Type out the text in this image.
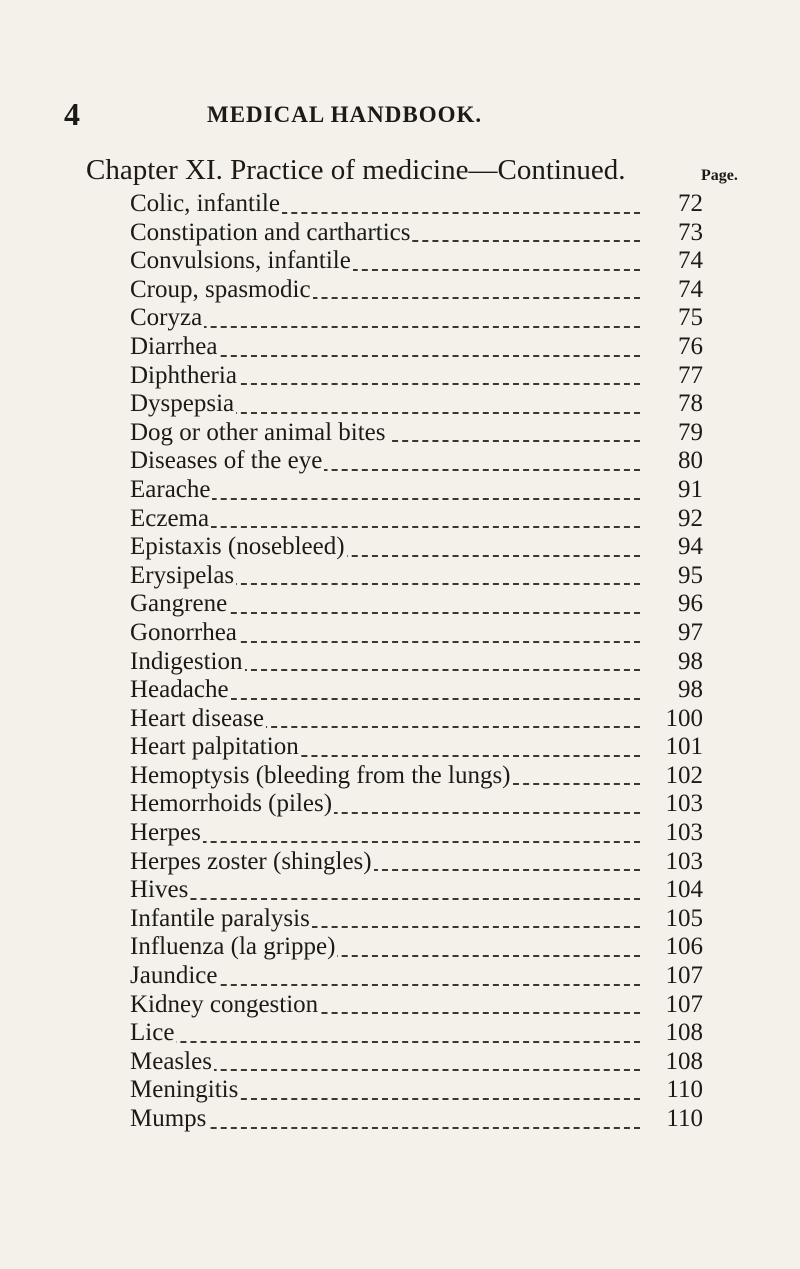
4	MEDICAL HANDBOOK.
Chapter XI. Practice of medicine—Continued.	Page.
Colic, infantile	72
Constipation and carthartics	73
Convulsions, infantile	74
Croup, spasmodic	74
Coryza	75
Diarrhea	76
Diphtheria	77
Dyspepsia	78
Dog or other animal bites	79
Diseases of the eye	80
Earache	91
Eczema	92
Epistaxis (nosebleed)	94
Erysipelas	95
Gangrene	96
Gonorrhea	97
Indigestion	98
Headache	98
Heart disease	100
Heart palpitation	101
Hemoptysis (bleeding from the lungs)	102
Hemorrhoids (piles)	103
Herpes	103
Herpes zoster (shingles)	103
Hives	104
Infantile paralysis	105
Influenza (la grippe)	106
Jaundice	107
Kidney congestion	107
Lice	108
Measles	108
Meningitis	110
Mumps	110
